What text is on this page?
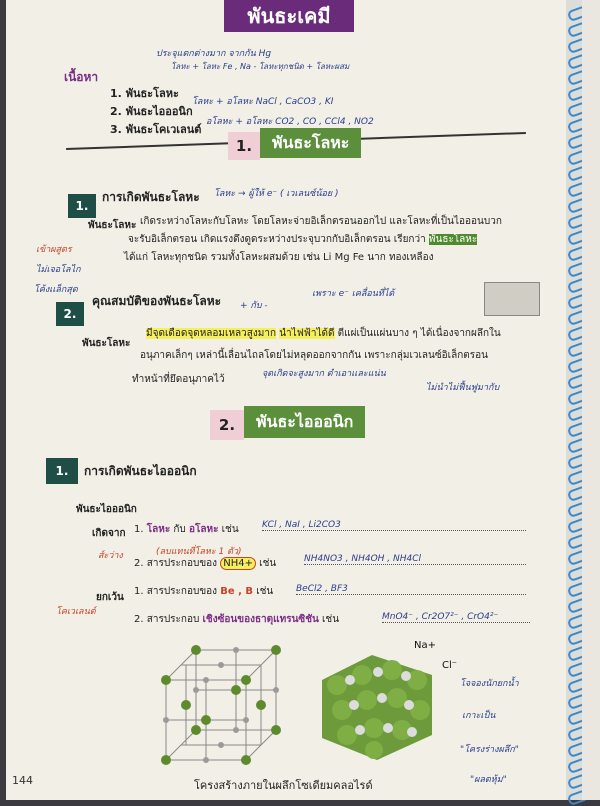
พันธะเคมี
เนื้อหา
ประจุแตกต่างมาก จากกัน Hg
โลหะ + โลหะ Fe , Na - โลหะทุกชนิด + โลหะผสม
1. พันธะโลหะ
โลหะ + อโลหะ NaCl , CaCO3 , KI
2. พันธะไอออนิก
อโลหะ + อโลหะ CO2 , CO , CCl4 , NO2
3. พันธะโคเวเลนต์
1.	พันธะโลหะ
1.
การเกิดพันธะโลหะ โลหะ → ผู้ให้ e⁻ ( เวเลนซ์น้อย )
พันธะโลหะ เกิดระหว่างโลหะกับโลหะ โดยโลหะจ่ายอิเล็กตรอนออกไป และโลหะที่เป็นไอออนบวก
จะรับอิเล็กตรอน เกิดแรงดึงดูดระหว่างประจุบวกกับอิเล็กตรอน เรียกว่า พันธะโลหะ
ได้แก่ โลหะทุกชนิด รวมทั้งโลหะผสมด้วย เช่น Li Mg Fe นาก ทองเหลือง
เข้าผสูตร
ไม่เจอโลไก
โค้งเเล็กสุด
2.
คุณสมบัติของพันธะโลหะ	เพราะ e⁻ เคลื่อนที่ได้
+ กับ -
พันธะโลหะ
มีจุดเดือดจุดหลอมเหลวสูงมาก นำไฟฟ้าได้ดี ตีแผ่เป็นแผ่นบาง ๆ ได้เนื่องจากผลึกใน
อนุภาคเล็กๆ เหล่านี้เลื่อนไถลโดยไม่หลุดออกจากกัน เพราะกลุ่มเวเลนซ์อิเล็กตรอน
ทำหน้าที่ยึดอนุภาคไว้	จุดเกิดจะสูงมาก ดำเอาเเละแน่น
ไม่นำไม่ฟื้นฟูมากับ
2.	พันธะไอออนิก
1.	การเกิดพันธะไอออนิก
พันธะไอออนิก
เกิดจาก 1. โลหะ กับ อโลหะ เช่น	KCl , NaI , Li2CO3
(ลบแทนที่โลหะ 1 ตัว)
ส์ะว่าง
2. สารประกอบของ NH4+ เช่น	NH4NO3 , NH4OH , NH4Cl
ยกเว้น
1. สารประกอบของ Be , B เช่น	BeCl2 , BF3
โคเวเลนต์
2. สารประกอบ เชิงซ้อนของธาตุแทรนซิชัน เช่น	MnO4⁻ , Cr2O7²⁻ , CrO4²⁻
Na+
Cl⁻
โจจองนักยกน้ำ
เกาะเป็น
"โครงร่างผลึก"
"ผลตหุ้ม"
144	โครงสร้างภายในผลึกโซเดียมคลอไรด์
